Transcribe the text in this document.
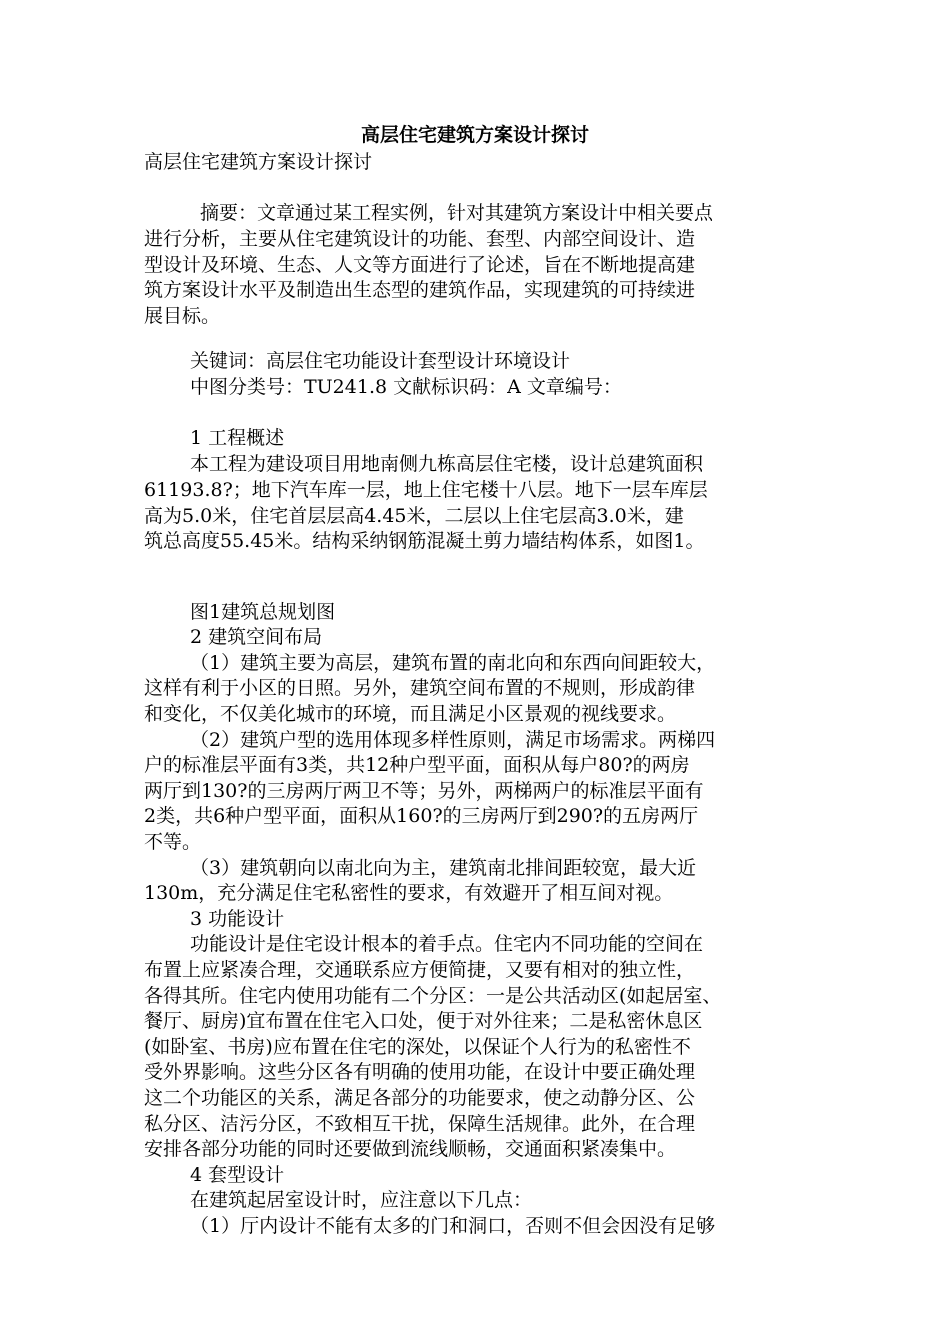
高层住宅建筑方案设计探讨
高层住宅建筑方案设计探讨
摘要：文章通过某工程实例，针对其建筑方案设计中相关要点
进行分析，主要从住宅建筑设计的功能、套型、内部空间设计、造
型设计及环境、生态、人文等方面进行了论述，旨在不断地提高建
筑方案设计水平及制造出生态型的建筑作品，实现建筑的可持续进
展目标。
关键词：高层住宅功能设计套型设计环境设计
中图分类号：TU241.8 文献标识码：A 文章编号：
1 工程概述
本工程为建设项目用地南侧九栋高层住宅楼，设计总建筑面积
61193.8?；地下汽车库一层，地上住宅楼十八层。地下一层车库层
高为5.0米，住宅首层层高4.45米，二层以上住宅层高3.0米，建
筑总高度55.45米。结构采纳钢筋混凝土剪力墙结构体系，如图1。
图1建筑总规划图
2 建筑空间布局
（1）建筑主要为高层，建筑布置的南北向和东西向间距较大，
这样有利于小区的日照。另外，建筑空间布置的不规则，形成韵律
和变化，不仅美化城市的环境，而且满足小区景观的视线要求。
（2）建筑户型的选用体现多样性原则，满足市场需求。两梯四
户的标准层平面有3类，共12种户型平面，面积从每户80?的两房
两厅到130?的三房两厅两卫不等；另外，两梯两户的标准层平面有
2类，共6种户型平面，面积从160?的三房两厅到290?的五房两厅
不等。
（3）建筑朝向以南北向为主，建筑南北排间距较宽，最大近
130m，充分满足住宅私密性的要求，有效避开了相互间对视。
3 功能设计
功能设计是住宅设计根本的着手点。住宅内不同功能的空间在
布置上应紧凑合理，交通联系应方便简捷，又要有相对的独立性，
各得其所。住宅内使用功能有二个分区：一是公共活动区(如起居室、
餐厅、厨房)宜布置在住宅入口处，便于对外往来；二是私密休息区
(如卧室、书房)应布置在住宅的深处，以保证个人行为的私密性不
受外界影响。这些分区各有明确的使用功能，在设计中要正确处理
这二个功能区的关系，满足各部分的功能要求，使之动静分区、公
私分区、洁污分区，不致相互干扰，保障生活规律。此外，在合理
安排各部分功能的同时还要做到流线顺畅，交通面积紧凑集中。
4 套型设计
在建筑起居室设计时，应注意以下几点：
（1）厅内设计不能有太多的门和洞口，否则不但会因没有足够
